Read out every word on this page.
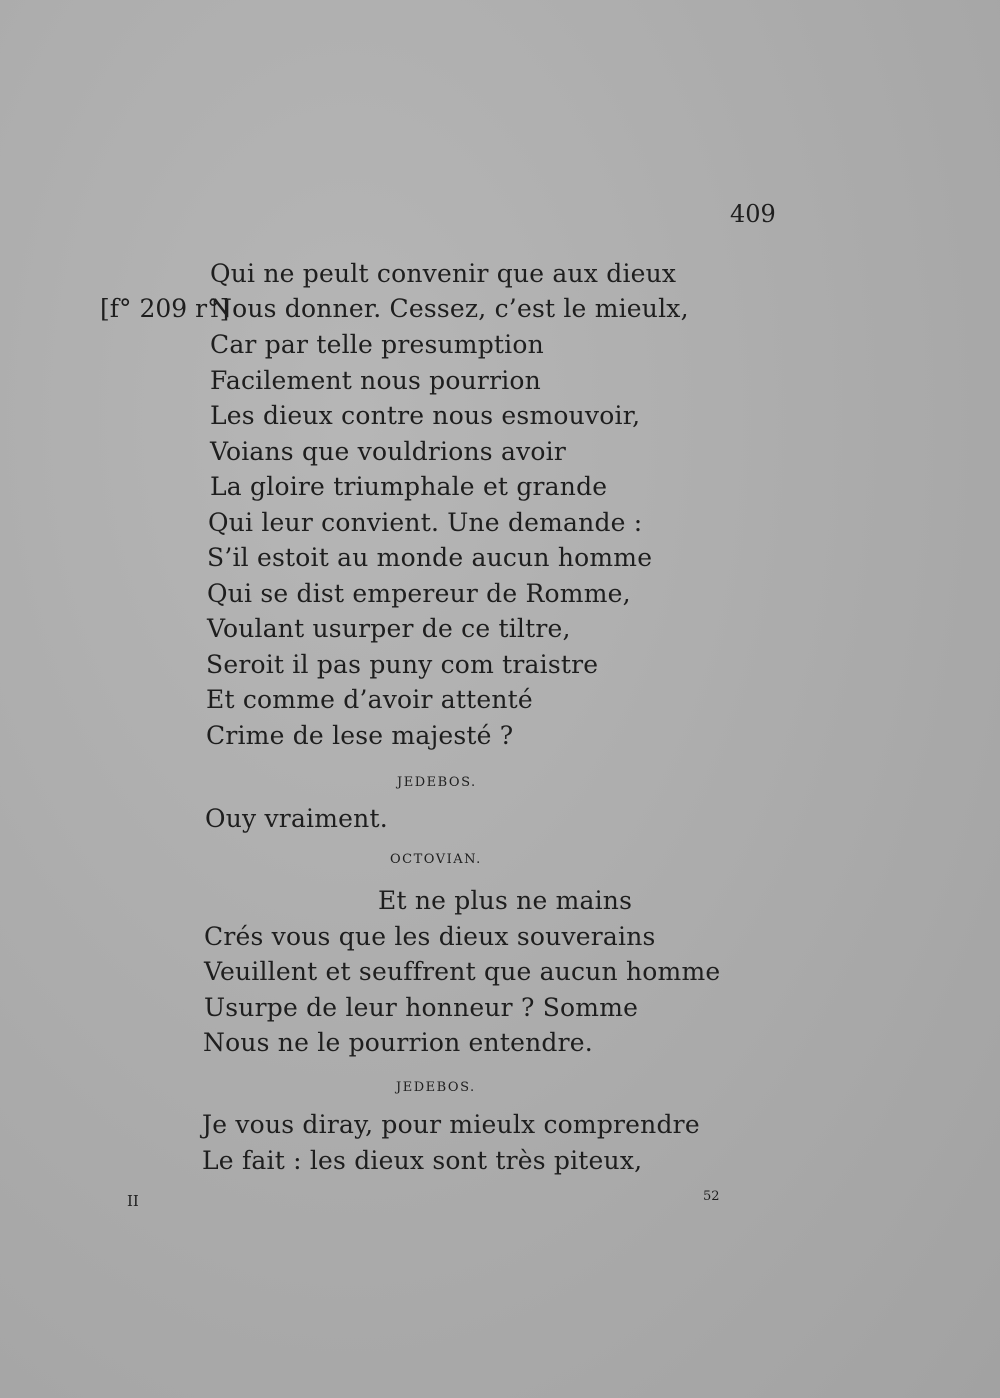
409
[f° 209 r°]
Qui ne peult convenir que aux dieux
Nous donner. Cessez, c’est le mieulx,
Car par telle presumption
Facilement nous pourrion
Les dieux contre nous esmouvoir,
Voians que vouldrions avoir
La gloire triumphale et grande
Qui leur convient. Une demande :
S’il estoit au monde aucun homme
Qui se dist empereur de Romme,
Voulant usurper de ce tiltre,
Seroit il pas puny com traistre
Et comme d’avoir attenté
Crime de lese majesté ?
JEDEBOS.
Ouy vraiment.
OCTOVIAN.
Et ne plus ne mains
Crés vous que les dieux souverains
Veuillent et seuffrent que aucun homme
Usurpe de leur honneur ? Somme
Nous ne le pourrion entendre.
JEDEBOS.
Je vous diray, pour mieulx comprendre
Le fait : les dieux sont très piteux,
II	52
